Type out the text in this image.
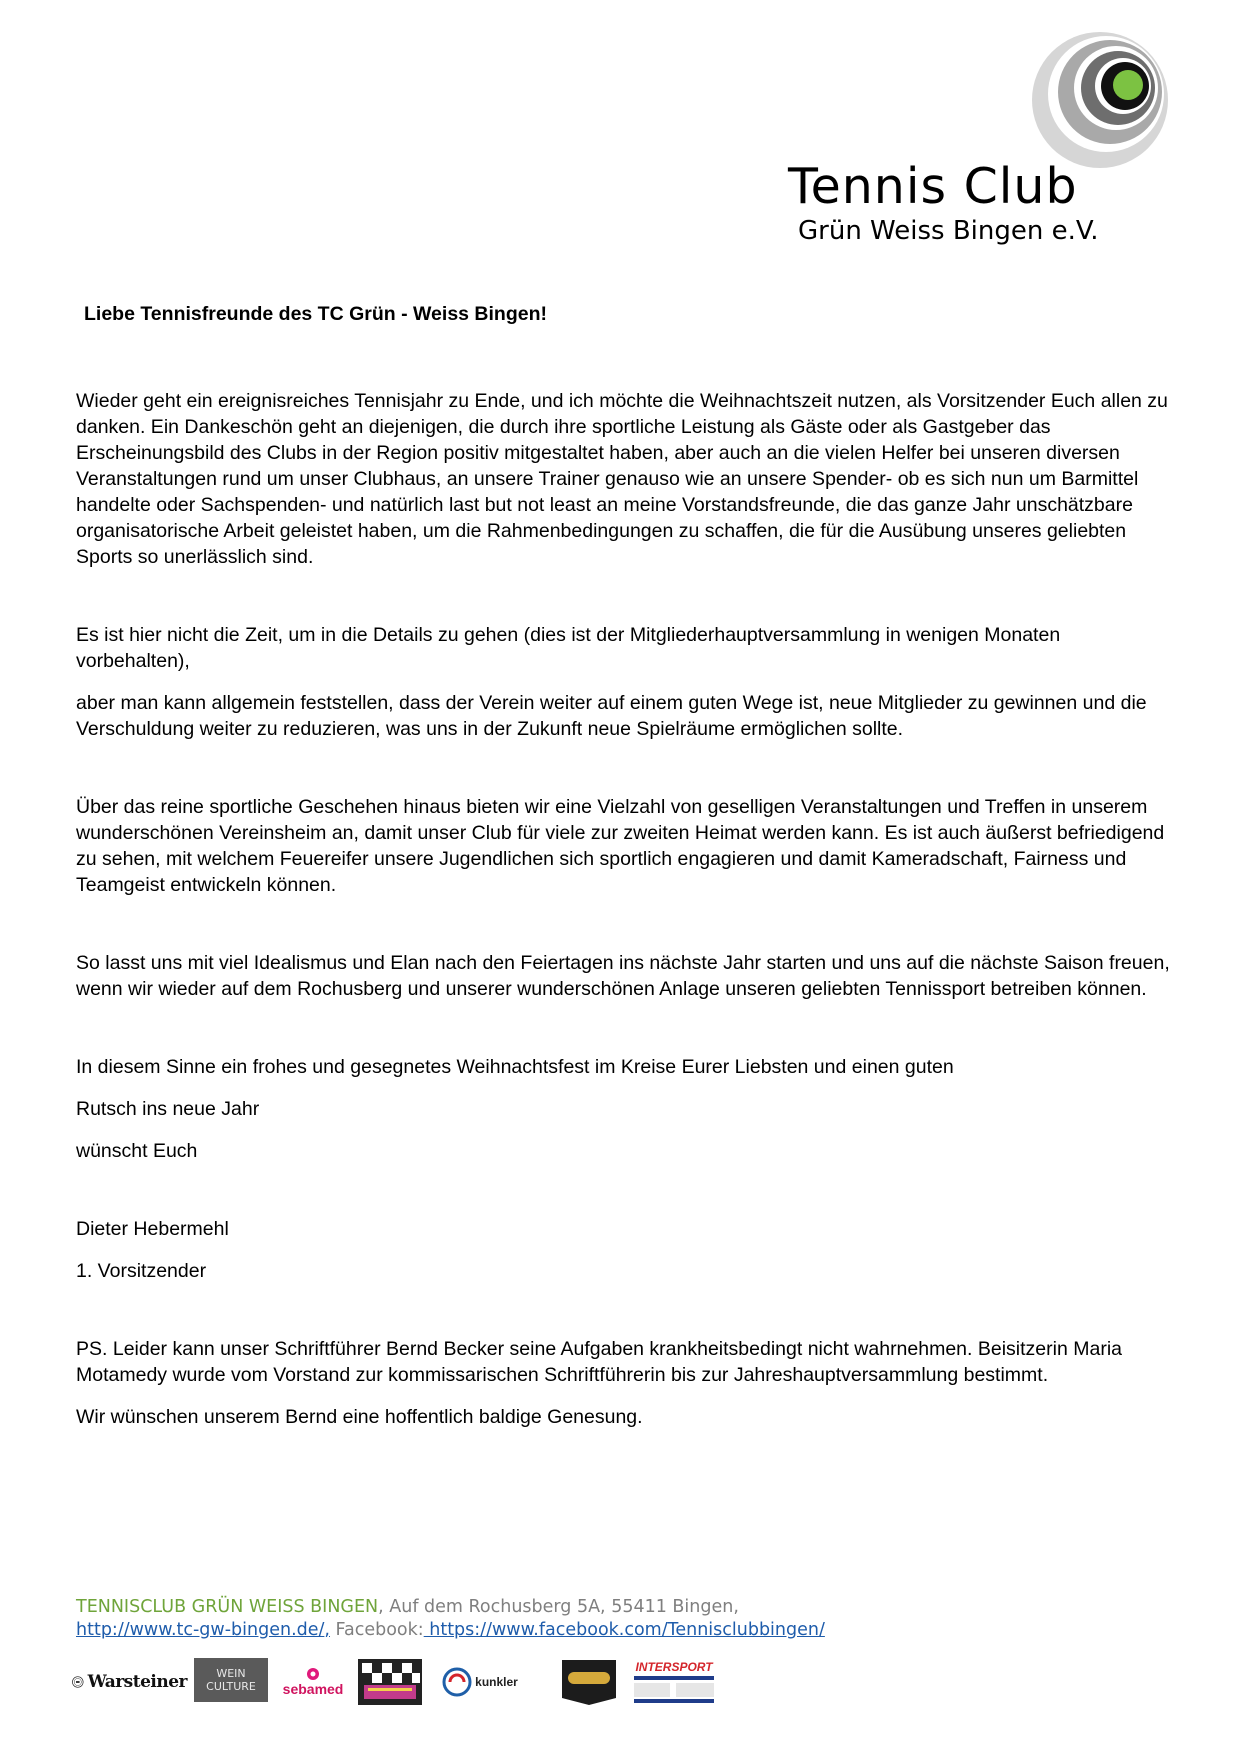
Tennis Club
Grün Weiss Bingen e.V.
Liebe Tennisfreunde des TC Grün - Weiss Bingen!

Wieder geht ein ereignisreiches Tennisjahr zu Ende, und ich möchte die Weihnachtszeit nutzen, als Vorsitzender Euch allen zu danken. Ein Dankeschön geht an diejenigen, die durch ihre sportliche Leistung als Gäste oder als Gastgeber das Erscheinungsbild des Clubs in der Region positiv mitgestaltet haben, aber auch an die vielen Helfer bei unseren diversen Veranstaltungen rund um unser Clubhaus, an unsere Trainer genauso wie an unsere Spender- ob es sich nun um Barmittel handelte oder Sachspenden- und natürlich last but not least an meine Vorstandsfreunde, die das ganze Jahr unschätzbare organisatorische Arbeit geleistet haben, um die Rahmenbedingungen zu schaffen, die für die Ausübung unseres geliebten Sports so unerlässlich sind.

Es ist hier nicht die Zeit, um in die Details zu gehen (dies ist der Mitgliederhauptversammlung in wenigen Monaten vorbehalten),

aber man kann allgemein feststellen, dass der Verein weiter auf einem guten Wege ist, neue Mitglieder zu gewinnen und die Verschuldung weiter zu reduzieren, was uns in der Zukunft neue Spielräume ermöglichen sollte.

Über das reine sportliche Geschehen hinaus bieten wir eine Vielzahl von geselligen Veranstaltungen und Treffen in unserem wunderschönen Vereinsheim an, damit unser Club für viele zur zweiten Heimat werden kann. Es ist auch äußerst befriedigend zu sehen, mit welchem Feuereifer unsere Jugendlichen sich sportlich engagieren und damit Kameradschaft, Fairness und Teamgeist entwickeln können.

So lasst uns mit viel Idealismus und Elan nach den Feiertagen ins nächste Jahr starten und uns auf die nächste Saison freuen, wenn wir wieder auf dem Rochusberg und unserer wunderschönen Anlage unseren geliebten Tennissport betreiben können.

In diesem Sinne ein frohes und gesegnetes Weihnachtsfest im Kreise Eurer Liebsten und einen guten

Rutsch ins neue Jahr

wünscht Euch

Dieter Hebermehl

1. Vorsitzender

PS. Leider kann unser Schriftführer Bernd Becker seine Aufgaben krankheitsbedingt nicht wahrnehmen. Beisitzerin Maria Motamedy wurde vom Vorstand zur kommissarischen Schriftführerin bis zur Jahreshauptversammlung bestimmt.

Wir wünschen unserem Bernd eine hoffentlich baldige Genesung.

TENNISCLUB GRÜN WEISS BINGEN, Auf dem Rochusberg 5A, 55411 Bingen,
http://www.tc-gw-bingen.de/, Facebook: https://www.facebook.com/Tennisclubbingen/
Warsteiner	WEIN CULTURE	sebamed	kunkler
INTERSPORT
